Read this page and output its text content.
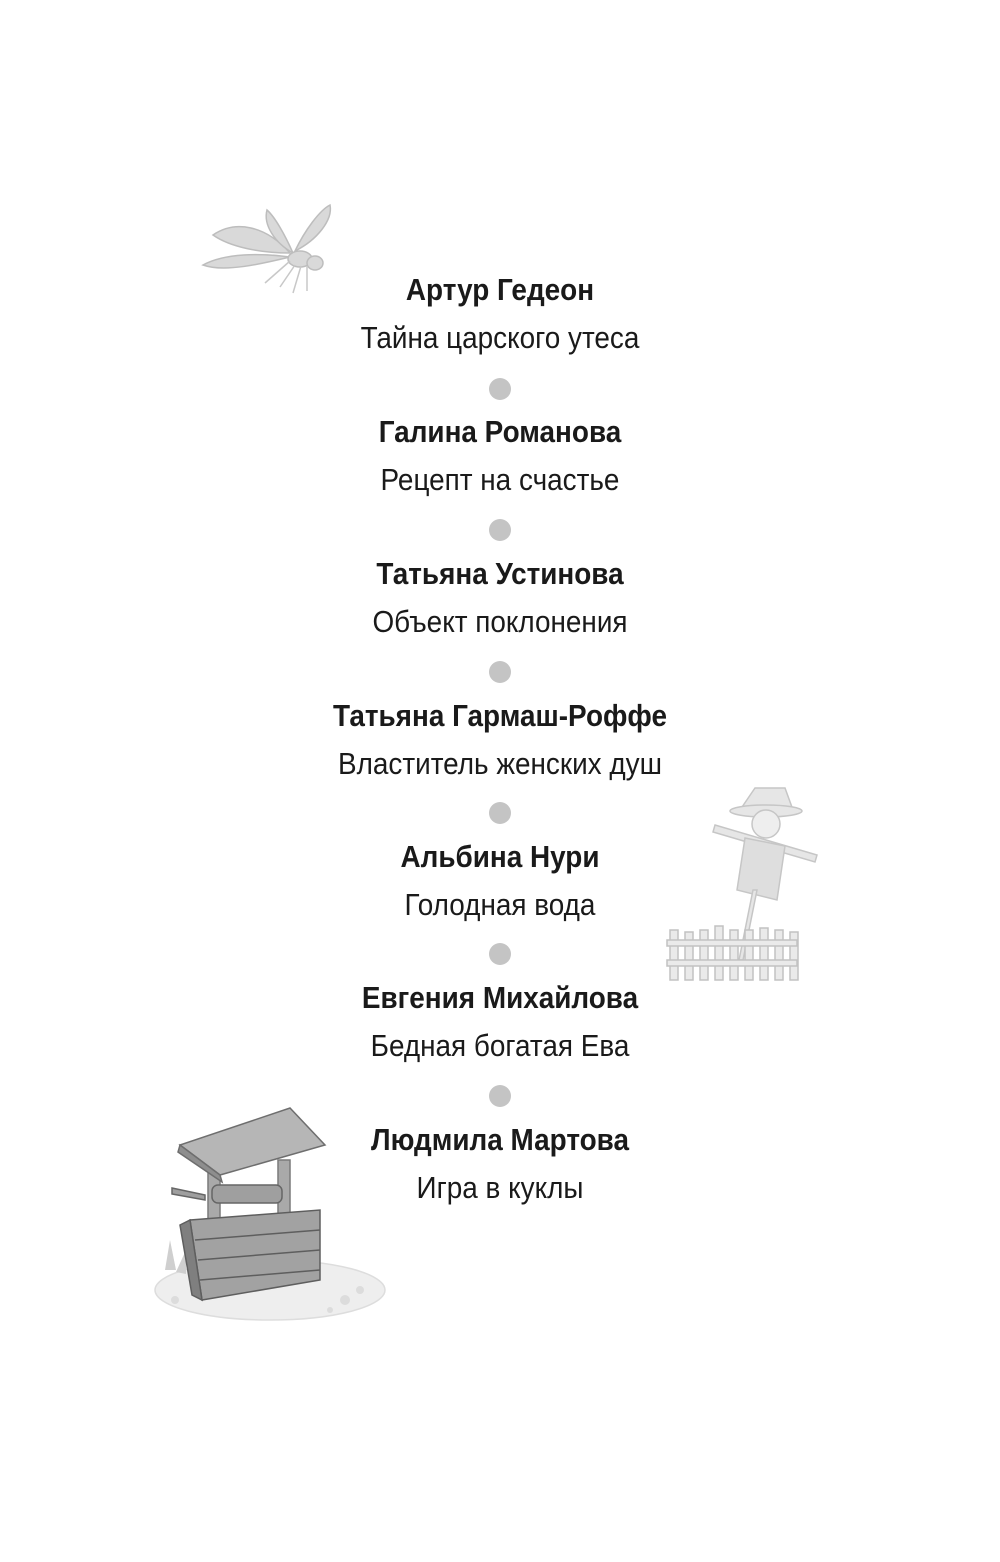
Артур Гедеон
Тайна царского утеса
Галина Романова
Рецепт на счастье
Татьяна Устинова
Объект поклонения
Татьяна Гармаш-Роффе
Властитель женских душ
Альбина Нури
Голодная вода
Евгения Михайлова
Бедная богатая Ева
Людмила Мартова
Игра в куклы
